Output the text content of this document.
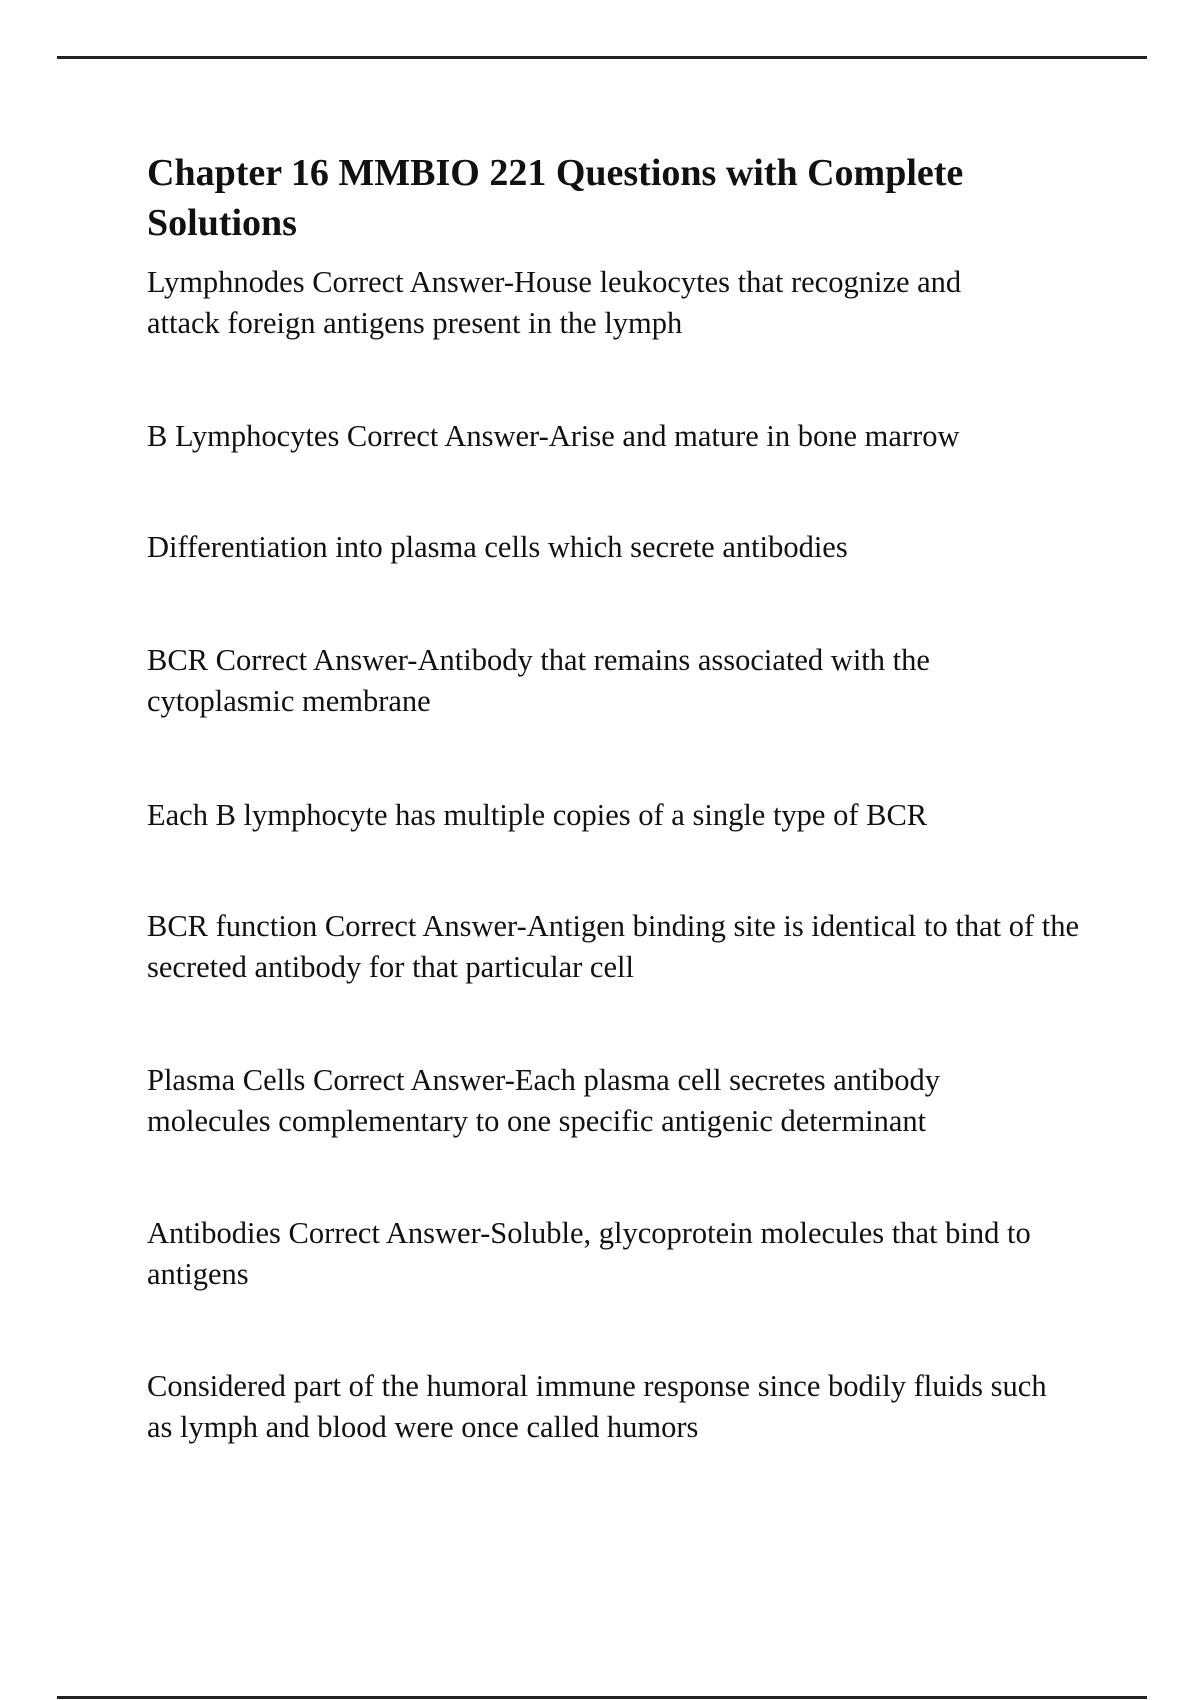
Chapter 16 MMBIO 221 Questions with Complete Solutions

Lymphnodes Correct Answer-House leukocytes that recognize and attack foreign antigens present in the lymph

B Lymphocytes Correct Answer-Arise and mature in bone marrow

Differentiation into plasma cells which secrete antibodies

BCR Correct Answer-Antibody that remains associated with the cytoplasmic membrane

Each B lymphocyte has multiple copies of a single type of BCR

BCR function Correct Answer-Antigen binding site is identical to that of the secreted antibody for that particular cell

Plasma Cells Correct Answer-Each plasma cell secretes antibody molecules complementary to one specific antigenic determinant

Antibodies Correct Answer-Soluble, glycoprotein molecules that bind to antigens

Considered part of the humoral immune response since bodily fluids such as lymph and blood were once called humors
